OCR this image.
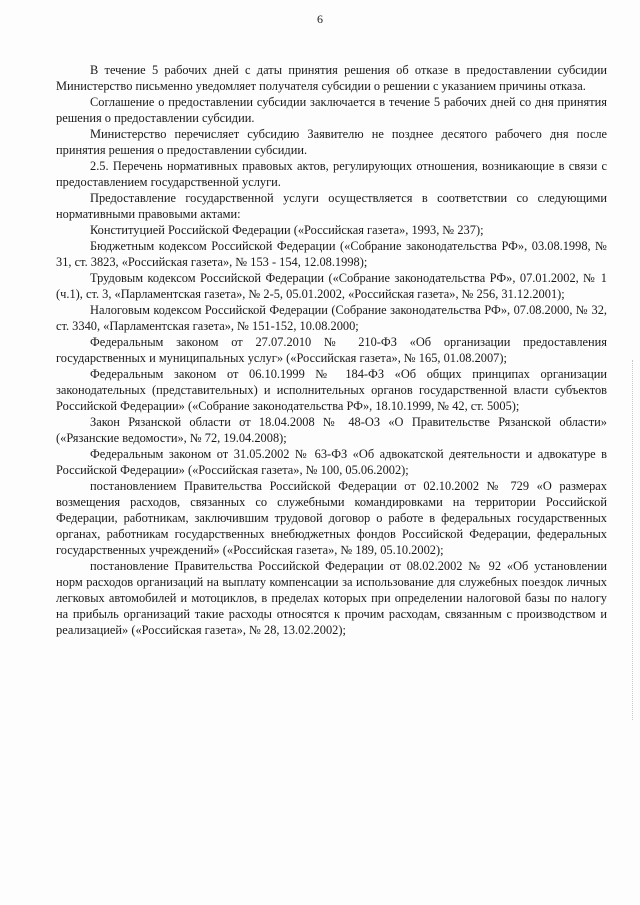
6

В течение 5 рабочих дней с даты принятия решения об отказе в предоставлении субсидии Министерство письменно уведомляет получателя субсидии о решении с указанием причины отказа.

Соглашение о предоставлении субсидии заключается в течение 5 рабочих дней со дня принятия решения о предоставлении субсидии.

Министерство перечисляет субсидию Заявителю не позднее десятого рабочего дня после принятия решения о предоставлении субсидии.

2.5. Перечень нормативных правовых актов, регулирующих отношения, возникающие в связи с предоставлением государственной услуги.

Предоставление государственной услуги осуществляется в соответствии со следующими нормативными правовыми актами:

Конституцией Российской Федерации («Российская газета», 1993, № 237);

Бюджетным кодексом Российской Федерации («Собрание законодательства РФ», 03.08.1998, № 31, ст. 3823, «Российская газета», № 153 - 154, 12.08.1998);

Трудовым кодексом Российской Федерации («Собрание законодательства РФ», 07.01.2002, № 1 (ч.1), ст. 3, «Парламентская газета», № 2-5, 05.01.2002, «Российская газета», № 256, 31.12.2001);

Налоговым кодексом Российской Федерации (Собрание законодательства РФ», 07.08.2000, № 32, ст. 3340, «Парламентская газета», № 151-152, 10.08.2000;

Федеральным законом от 27.07.2010 № 210-ФЗ «Об организации предоставления государственных и муниципальных услуг» («Российская газета», № 165, 01.08.2007);

Федеральным законом от 06.10.1999 № 184-ФЗ «Об общих принципах организации законодательных (представительных) и исполнительных органов государственной власти субъектов Российской Федерации» («Собрание законодательства РФ», 18.10.1999, № 42, ст. 5005);

Закон Рязанской области от 18.04.2008 № 48-ОЗ «О Правительстве Рязанской области» («Рязанские ведомости», № 72, 19.04.2008);

Федеральным законом от 31.05.2002 № 63-ФЗ «Об адвокатской деятельности и адвокатуре в Российской Федерации» («Российская газета», № 100, 05.06.2002);

постановлением Правительства Российской Федерации от 02.10.2002 № 729 «О размерах возмещения расходов, связанных со служебными командировками на территории Российской Федерации, работникам, заключившим трудовой договор о работе в федеральных государственных органах, работникам государственных внебюджетных фондов Российской Федерации, федеральных государственных учреждений» («Российская газета», № 189, 05.10.2002);

постановление Правительства Российской Федерации от 08.02.2002 № 92 «Об установлении норм расходов организаций на выплату компенсации за использование для служебных поездок личных легковых автомобилей и мотоциклов, в пределах которых при определении налоговой базы по налогу на прибыль организаций такие расходы относятся к прочим расходам, связанным с производством и реализацией» («Российская газета», № 28, 13.02.2002);
